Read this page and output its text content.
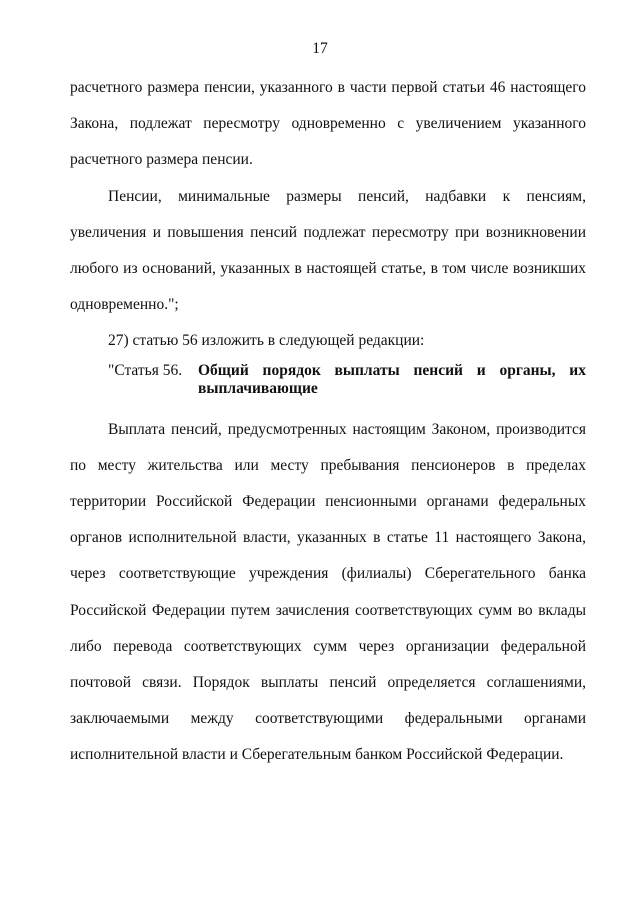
17

расчетного размера пенсии, указанного в части первой статьи 46 настоящего Закона, подлежат пересмотру одновременно с увеличением указанного расчетного размера пенсии.

Пенсии, минимальные размеры пенсий, надбавки к пенсиям, увеличения и повышения пенсий подлежат пересмотру при возникновении любого из оснований, указанных в настоящей статье, в том числе возникших одновременно.";

27) статью 56 изложить в следующей редакции:

"Статья 56.	Общий порядок выплаты пенсий и органы, их выплачивающие

Выплата пенсий, предусмотренных настоящим Законом, производится по месту жительства или месту пребывания пенсионеров в пределах территории Российской Федерации пенсионными органами федеральных органов исполнительной власти, указанных в статье 11 настоящего Закона, через соответствующие учреждения (филиалы) Сберегательного банка Российской Федерации путем зачисления соответствующих сумм во вклады либо перевода соответствующих сумм через организации федеральной почтовой связи. Порядок выплаты пенсий определяется соглашениями, заключаемыми между соответствующими федеральными органами исполнительной власти и Сберегательным банком Российской Федерации.
